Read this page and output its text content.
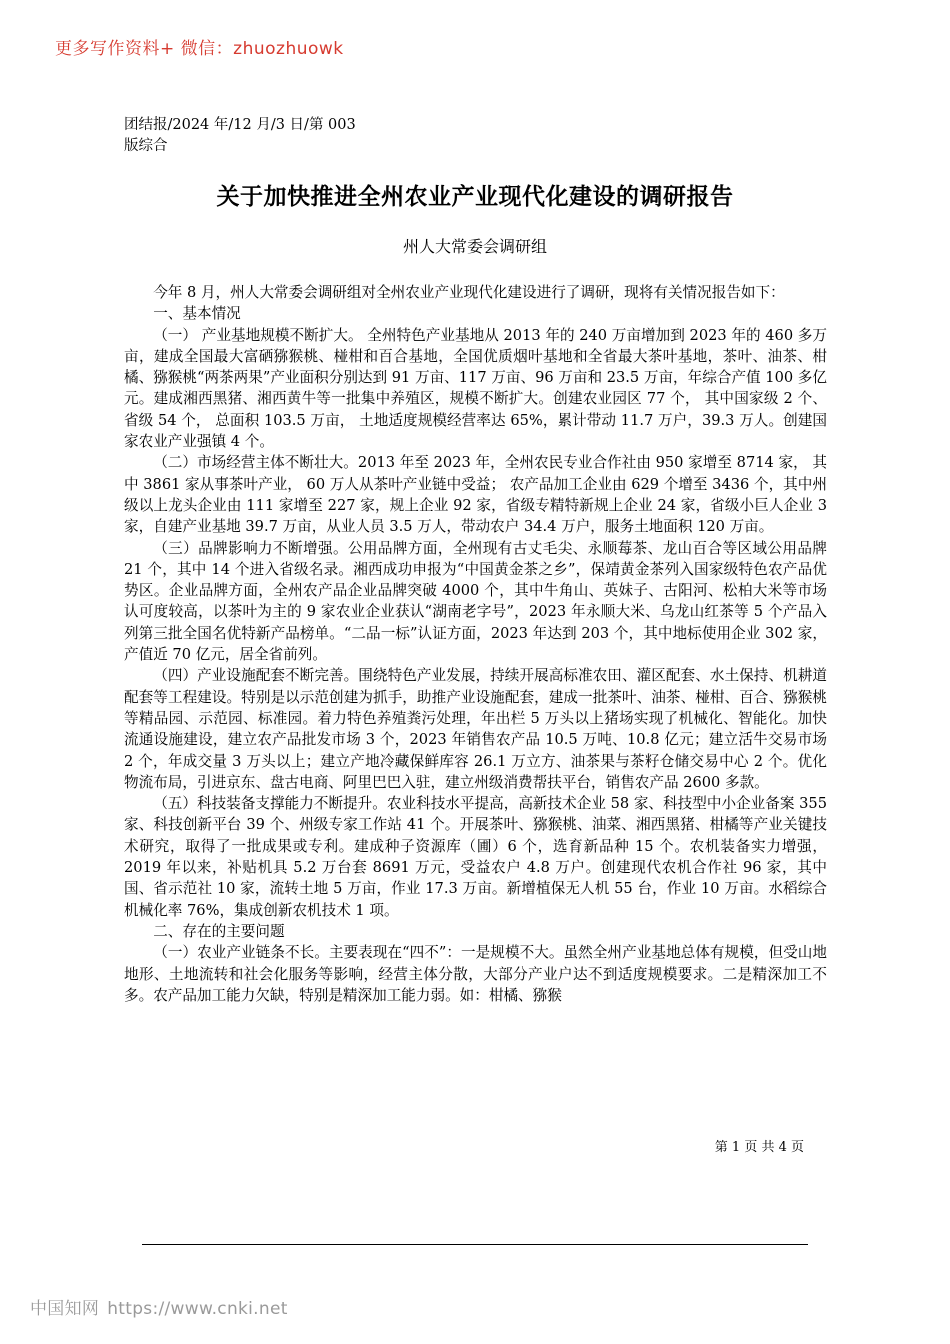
更多写作资料+ 微信：zhuozhuowk
团结报/2024 年/12 月/3 日/第 003
版综合
关于加快推进全州农业产业现代化建设的调研报告
州人大常委会调研组

今年 8 月，州人大常委会调研组对全州农业产业现代化建设进行了调研，现将有关情况报告如下：

一、基本情况

（一） 产业基地规模不断扩大。 全州特色产业基地从 2013 年的 240 万亩增加到 2023 年的 460 多万亩，建成全国最大富硒猕猴桃、椪柑和百合基地，全国优质烟叶基地和全省最大茶叶基地，茶叶、油茶、柑橘、猕猴桃“两茶两果”产业面积分别达到 91 万亩、117 万亩、96 万亩和 23.5 万亩，年综合产值 100 多亿元。建成湘西黑猪、湘西黄牛等一批集中养殖区，规模不断扩大。创建农业园区 77 个， 其中国家级 2 个、 省级 54 个， 总面积 103.5 万亩， 土地适度规模经营率达 65%，累计带动 11.7 万户，39.3 万人。创建国家农业产业强镇 4 个。

（二）市场经营主体不断壮大。2013 年至 2023 年，全州农民专业合作社由 950 家增至 8714 家， 其中 3861 家从事茶叶产业， 60 万人从茶叶产业链中受益； 农产品加工企业由 629 个增至 3436 个，其中州级以上龙头企业由 111 家增至 227 家，规上企业 92 家，省级专精特新规上企业 24 家，省级小巨人企业 3 家，自建产业基地 39.7 万亩，从业人员 3.5 万人，带动农户 34.4 万户，服务土地面积 120 万亩。

（三）品牌影响力不断增强。公用品牌方面，全州现有古丈毛尖、永顺莓茶、龙山百合等区域公用品牌 21 个，其中 14 个进入省级名录。湘西成功申报为“中国黄金茶之乡”，保靖黄金茶列入国家级特色农产品优势区。企业品牌方面，全州农产品企业品牌突破 4000 个，其中牛角山、英妹子、古阳河、松柏大米等市场认可度较高，以茶叶为主的 9 家农业企业获认“湖南老字号”，2023 年永顺大米、乌龙山红茶等 5 个产品入列第三批全国名优特新产品榜单。“二品一标”认证方面，2023 年达到 203 个，其中地标使用企业 302 家，产值近 70 亿元，居全省前列。

（四）产业设施配套不断完善。围绕特色产业发展，持续开展高标准农田、灌区配套、水土保持、机耕道配套等工程建设。特别是以示范创建为抓手，助推产业设施配套，建成一批茶叶、油茶、椪柑、百合、猕猴桃等精品园、示范园、标准园。着力特色养殖粪污处理，年出栏 5 万头以上猪场实现了机械化、智能化。加快流通设施建设，建立农产品批发市场 3 个，2023 年销售农产品 10.5 万吨、10.8 亿元；建立活牛交易市场 2 个，年成交量 3 万头以上；建立产地冷藏保鲜库容 26.1 万立方、油茶果与茶籽仓储交易中心 2 个。优化物流布局，引进京东、盘古电商、阿里巴巴入驻，建立州级消费帮扶平台，销售农产品 2600 多款。

（五）科技装备支撑能力不断提升。农业科技水平提高，高新技术企业 58 家、科技型中小企业备案 355 家、科技创新平台 39 个、州级专家工作站 41 个。开展茶叶、猕猴桃、油菜、湘西黑猪、柑橘等产业关键技术研究，取得了一批成果或专利。建成种子资源库（圃）6 个，选育新品种 15 个。农机装备实力增强，2019 年以来，补贴机具 5.2 万台套 8691 万元，受益农户 4.8 万户。创建现代农机合作社 96 家，其中国、省示范社 10 家，流转土地 5 万亩，作业 17.3 万亩。新增植保无人机 55 台，作业 10 万亩。水稻综合机械化率 76%，集成创新农机技术 1 项。

二、存在的主要问题

（一）农业产业链条不长。主要表现在“四不”：一是规模不大。虽然全州产业基地总体有规模，但受山地地形、土地流转和社会化服务等影响，经营主体分散，大部分产业户达不到适度规模要求。二是精深加工不多。农产品加工能力欠缺，特别是精深加工能力弱。如：柑橘、猕猴

第 1 页 共 4 页
中国知网 https://www.cnki.net
